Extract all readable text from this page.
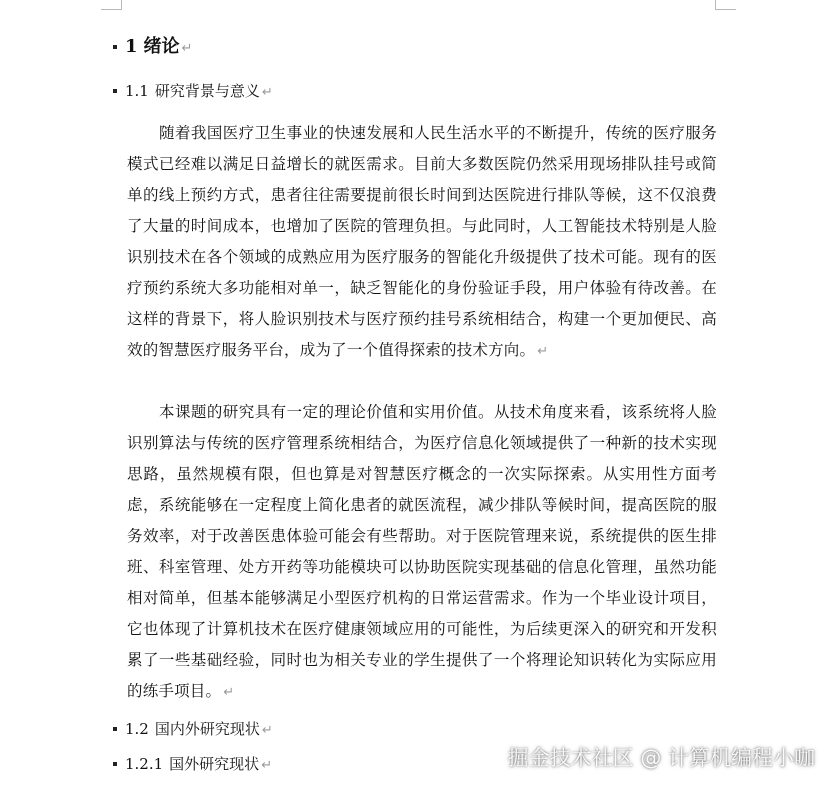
1 绪论 ↵
1.1 研究背景与意义 ↵

随着我国医疗卫生事业的快速发展和人民生活水平的不断提升，传统的医疗服务模式已经难以满足日益增长的就医需求。目前大多数医院仍然采用现场排队挂号或简单的线上预约方式，患者往往需要提前很长时间到达医院进行排队等候，这不仅浪费了大量的时间成本，也增加了医院的管理负担。与此同时，人工智能技术特别是人脸识别技术在各个领域的成熟应用为医疗服务的智能化升级提供了技术可能。现有的医疗预约系统大多功能相对单一，缺乏智能化的身份验证手段，用户体验有待改善。在这样的背景下，将人脸识别技术与医疗预约挂号系统相结合，构建一个更加便民、高效的智慧医疗服务平台，成为了一个值得探索的技术方向。 ↵

本课题的研究具有一定的理论价值和实用价值。从技术角度来看，该系统将人脸识别算法与传统的医疗管理系统相结合，为医疗信息化领域提供了一种新的技术实现思路，虽然规模有限，但也算是对智慧医疗概念的一次实际探索。从实用性方面考虑，系统能够在一定程度上简化患者的就医流程，减少排队等候时间，提高医院的服务效率，对于改善医患体验可能会有些帮助。对于医院管理来说，系统提供的医生排班、科室管理、处方开药等功能模块可以协助医院实现基础的信息化管理，虽然功能相对简单，但基本能够满足小型医疗机构的日常运营需求。作为一个毕业设计项目，它也体现了计算机技术在医疗健康领域应用的可能性，为后续更深入的研究和开发积累了一些基础经验，同时也为相关专业的学生提供了一个将理论知识转化为实际应用的练手项目。 ↵

1.2 国内外研究现状 ↵
1.2.1 国外研究现状 ↵	掘金技术社区 @ 计算机编程小咖
